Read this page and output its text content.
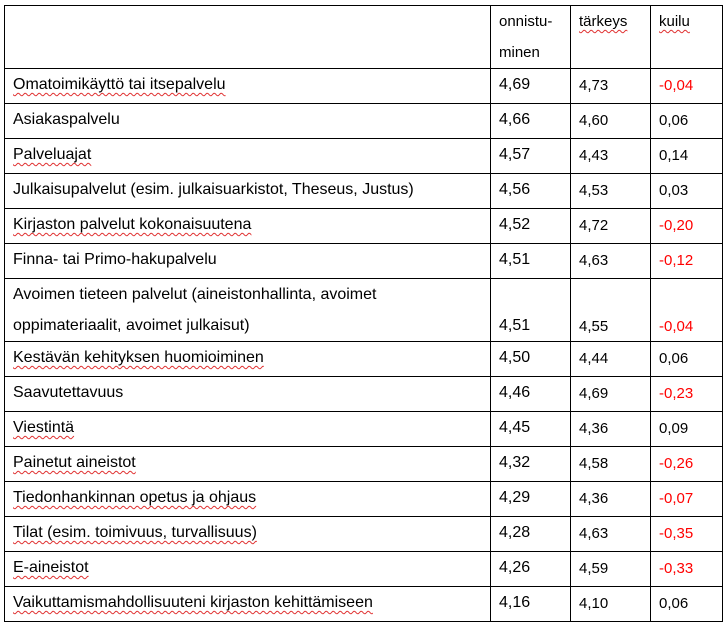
	onnistu-
minen	tärkeys	kuilu
Omatoimikäyttö tai itsepalvelu	4,69	4,73	-0,04
Asiakaspalvelu	4,66	4,60	0,06
Palveluajat	4,57	4,43	0,14
Julkaisupalvelut (esim. julkaisuarkistot, Theseus, Justus)	4,56	4,53	0,03
Kirjaston palvelut kokonaisuutena	4,52	4,72	-0,20
Finna- tai Primo-hakupalvelu	4,51	4,63	-0,12
Avoimen tieteen palvelut (aineistonhallinta, avoimet
oppimateriaalit, avoimet julkaisut)	4,51	4,55	-0,04
Kestävän kehityksen huomioiminen	4,50	4,44	0,06
Saavutettavuus	4,46	4,69	-0,23
Viestintä	4,45	4,36	0,09
Painetut aineistot	4,32	4,58	-0,26
Tiedonhankinnan opetus ja ohjaus	4,29	4,36	-0,07
Tilat (esim. toimivuus, turvallisuus)	4,28	4,63	-0,35
E-aineistot	4,26	4,59	-0,33
Vaikuttamismahdollisuuteni kirjaston kehittämiseen	4,16	4,10	0,06
